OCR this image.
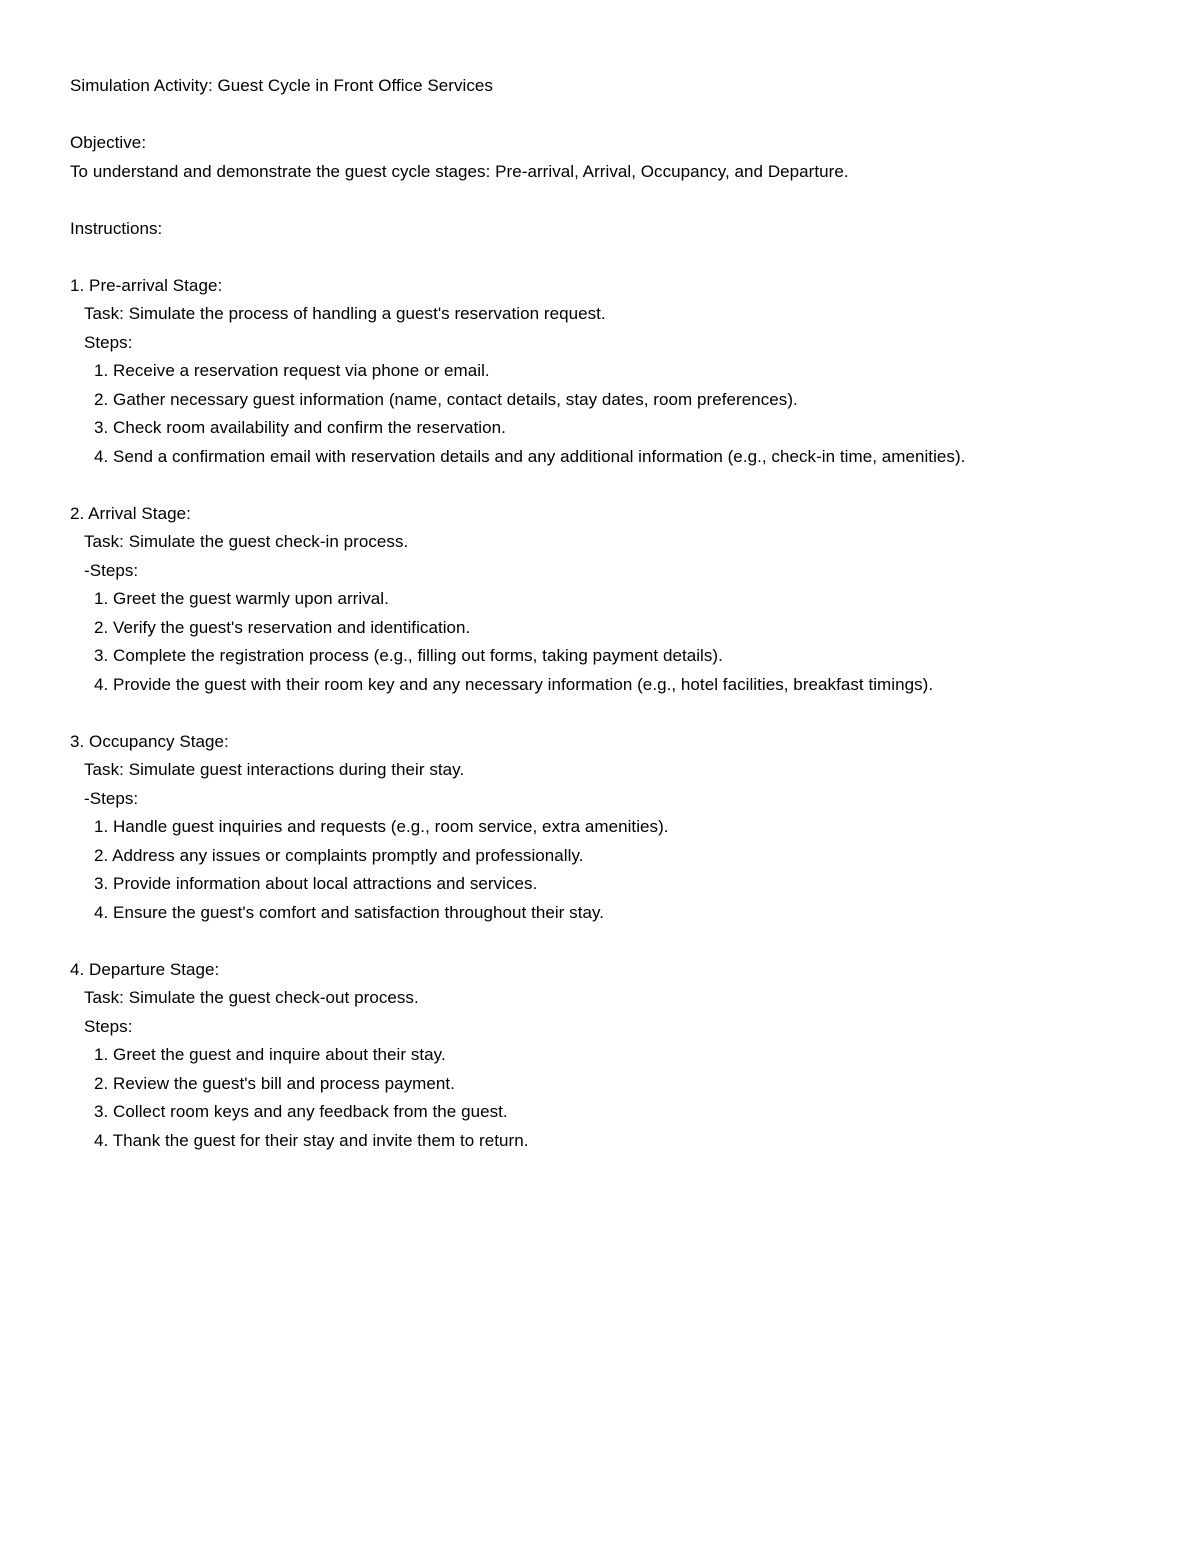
Simulation Activity: Guest Cycle in Front Office Services
Objective:
To understand and demonstrate the guest cycle stages: Pre-arrival, Arrival, Occupancy, and Departure.
Instructions:
1. Pre-arrival Stage:
Task: Simulate the process of handling a guest's reservation request.
Steps:
1. Receive a reservation request via phone or email.
2. Gather necessary guest information (name, contact details, stay dates, room preferences).
3. Check room availability and confirm the reservation.
4. Send a confirmation email with reservation details and any additional information (e.g., check-in time, amenities).
2. Arrival Stage:
Task: Simulate the guest check-in process.
-Steps:
1. Greet the guest warmly upon arrival.
2. Verify the guest's reservation and identification.
3. Complete the registration process (e.g., filling out forms, taking payment details).
4. Provide the guest with their room key and any necessary information (e.g., hotel facilities, breakfast timings).
3. Occupancy Stage:
Task: Simulate guest interactions during their stay.
-Steps:
1. Handle guest inquiries and requests (e.g., room service, extra amenities).
2. Address any issues or complaints promptly and professionally.
3. Provide information about local attractions and services.
4. Ensure the guest's comfort and satisfaction throughout their stay.
4. Departure Stage:
Task: Simulate the guest check-out process.
Steps:
1. Greet the guest and inquire about their stay.
2. Review the guest's bill and process payment.
3. Collect room keys and any feedback from the guest.
4. Thank the guest for their stay and invite them to return.
